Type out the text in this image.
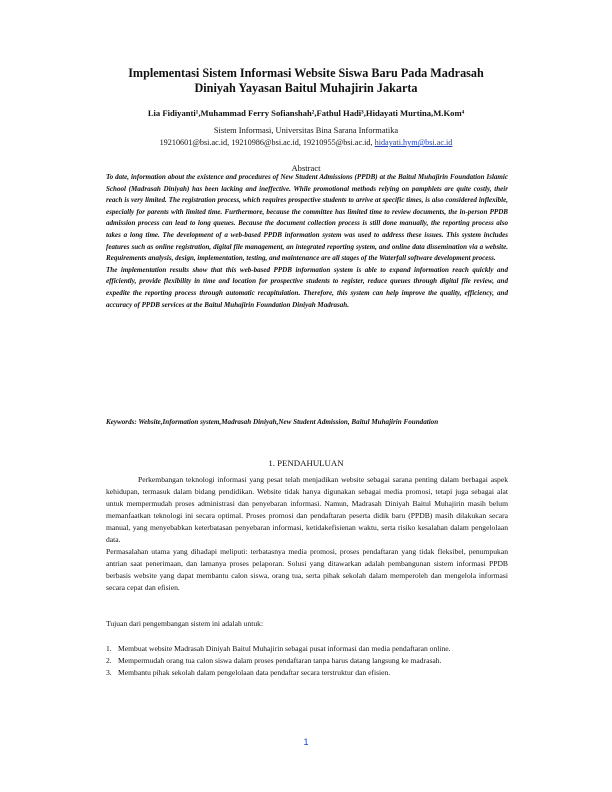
Implementasi Sistem Informasi Website Siswa Baru Pada Madrasah
Diniyah Yayasan Baitul Muhajirin Jakarta
Lia Fidiyanti¹,Muhammad Ferry Sofianshah²,Fathul Hadi³,Hidayati Murtina,M.Kom⁴
Sistem Informasi, Universitas Bina Sarana Informatika
19210601@bsi.ac.id, 19210986@bsi.ac.id, 19210955@bsi.ac.id, hidayati.hym@bsi.ac.id
Abstract

To date, information about the existence and procedures of New Student Admissions (PPDB) at the Baitul Muhajirin Foundation Islamic School (Madrasah Diniyah) has been lacking and ineffective. While promotional methods relying on pamphlets are quite costly, their reach is very limited. The registration process, which requires prospective students to arrive at specific times, is also considered inflexible, especially for parents with limited time. Furthermore, because the committee has limited time to review documents, the in-person PPDB admission process can lead to long queues. Because the document collection process is still done manually, the reporting process also takes a long time. The development of a web-based PPDB information system was used to address these issues. This system includes features such as online registration, digital file management, an integrated reporting system, and online data dissemination via a website. Requirements analysis, design, implementation, testing, and maintenance are all stages of the Waterfall software development process.

The implementation results show that this web-based PPDB information system is able to expand information reach quickly and efficiently, provide flexibility in time and location for prospective students to register, reduce queues through digital file review, and expedite the reporting process through automatic recapitulation. Therefore, this system can help improve the quality, efficiency, and accuracy of PPDB services at the Baitul Muhajirin Foundation Diniyah Madrasah.

Keywords: Website,Information system,Madrasah Diniyah,New Student Admission, Baitul Muhajirin Foundation
1. PENDAHULUAN

Perkembangan teknologi informasi yang pesat telah menjadikan website sebagai sarana penting dalam berbagai aspek kehidupan, termasuk dalam bidang pendidikan. Website tidak hanya digunakan sebagai media promosi, tetapi juga sebagai alat untuk mempermudah proses administrasi dan penyebaran informasi. Namun, Madrasah Diniyah Baitul Muhajirin masih belum memanfaatkan teknologi ini secara optimal. Proses promosi dan pendaftaran peserta didik baru (PPDB) masih dilakukan secara manual, yang menyebabkan keterbatasan penyebaran informasi, ketidakefisienan waktu, serta risiko kesalahan dalam pengelolaan data.

Permasalahan utama yang dihadapi meliputi: terbatasnya media promosi, proses pendaftaran yang tidak fleksibel, penumpukan antrian saat penerimaan, dan lamanya proses pelaporan. Solusi yang ditawarkan adalah pembangunan sistem informasi PPDB berbasis website yang dapat membantu calon siswa, orang tua, serta pihak sekolah dalam memperoleh dan mengelola informasi secara cepat dan efisien.

Tujuan dari pengembangan sistem ini adalah untuk:

1. Membuat website Madrasah Diniyah Baitul Muhajirin sebagai pusat informasi dan media pendaftaran online.
2. Mempermudah orang tua calon siswa dalam proses pendaftaran tanpa harus datang langsung ke madrasah.
3. Membantu pihak sekolah dalam pengelolaan data pendaftar secara terstruktur dan efisien.
1
